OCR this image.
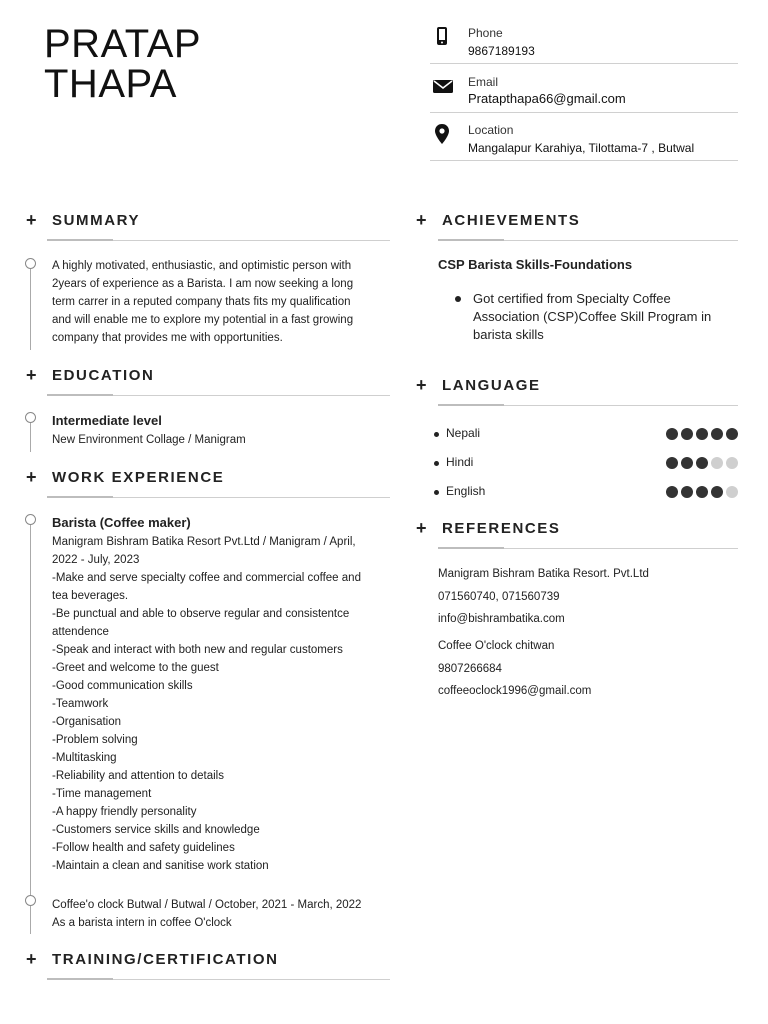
PRATAP
THAPA
Phone
9867189193
Email
Pratapthapa66@gmail.com
Location
Mangalapur Karahiya, Tilottama-7 , Butwal
+	SUMMARY
A highly motivated, enthusiastic, and optimistic person with
2years of experience as a Barista. I am now seeking a long
term carrer in a reputed company thats fits my qualification
and will enable me to explore my potential in a fast growing
company that provides me with opportunities.
+	EDUCATION
Intermediate level
New Environment Collage / Manigram
+	WORK EXPERIENCE
Barista (Coffee maker)
Manigram Bishram Batika Resort Pvt.Ltd / Manigram / April,
2022 - July, 2023
-Make and serve specialty coffee and commercial coffee and
tea beverages.
-Be punctual and able to observe regular and consistentce
attendence
-Speak and interact with both new and regular customers
-Greet and welcome to the guest
-Good communication skills
-Teamwork
-Organisation
-Problem solving
-Multitasking
-Reliability and attention to details
-Time management
-A happy friendly personality
-Customers service skills and knowledge
-Follow health and safety guidelines
-Maintain a clean and sanitise work station
Coffee'o clock Butwal / Butwal / October, 2021 - March, 2022
As a barista intern in coffee O'clock
+	TRAINING/CERTIFICATION
+	ACHIEVEMENTS
CSP Barista Skills-Foundations
Got certified from Specialty Coffee
Association (CSP)Coffee Skill Program in
barista skills
+	LANGUAGE
Nepali
Hindi
English
+	REFERENCES
Manigram Bishram Batika Resort. Pvt.Ltd
071560740, 071560739
info@bishrambatika.com
Coffee O'clock chitwan
9807266684
coffeeoclock1996@gmail.com
